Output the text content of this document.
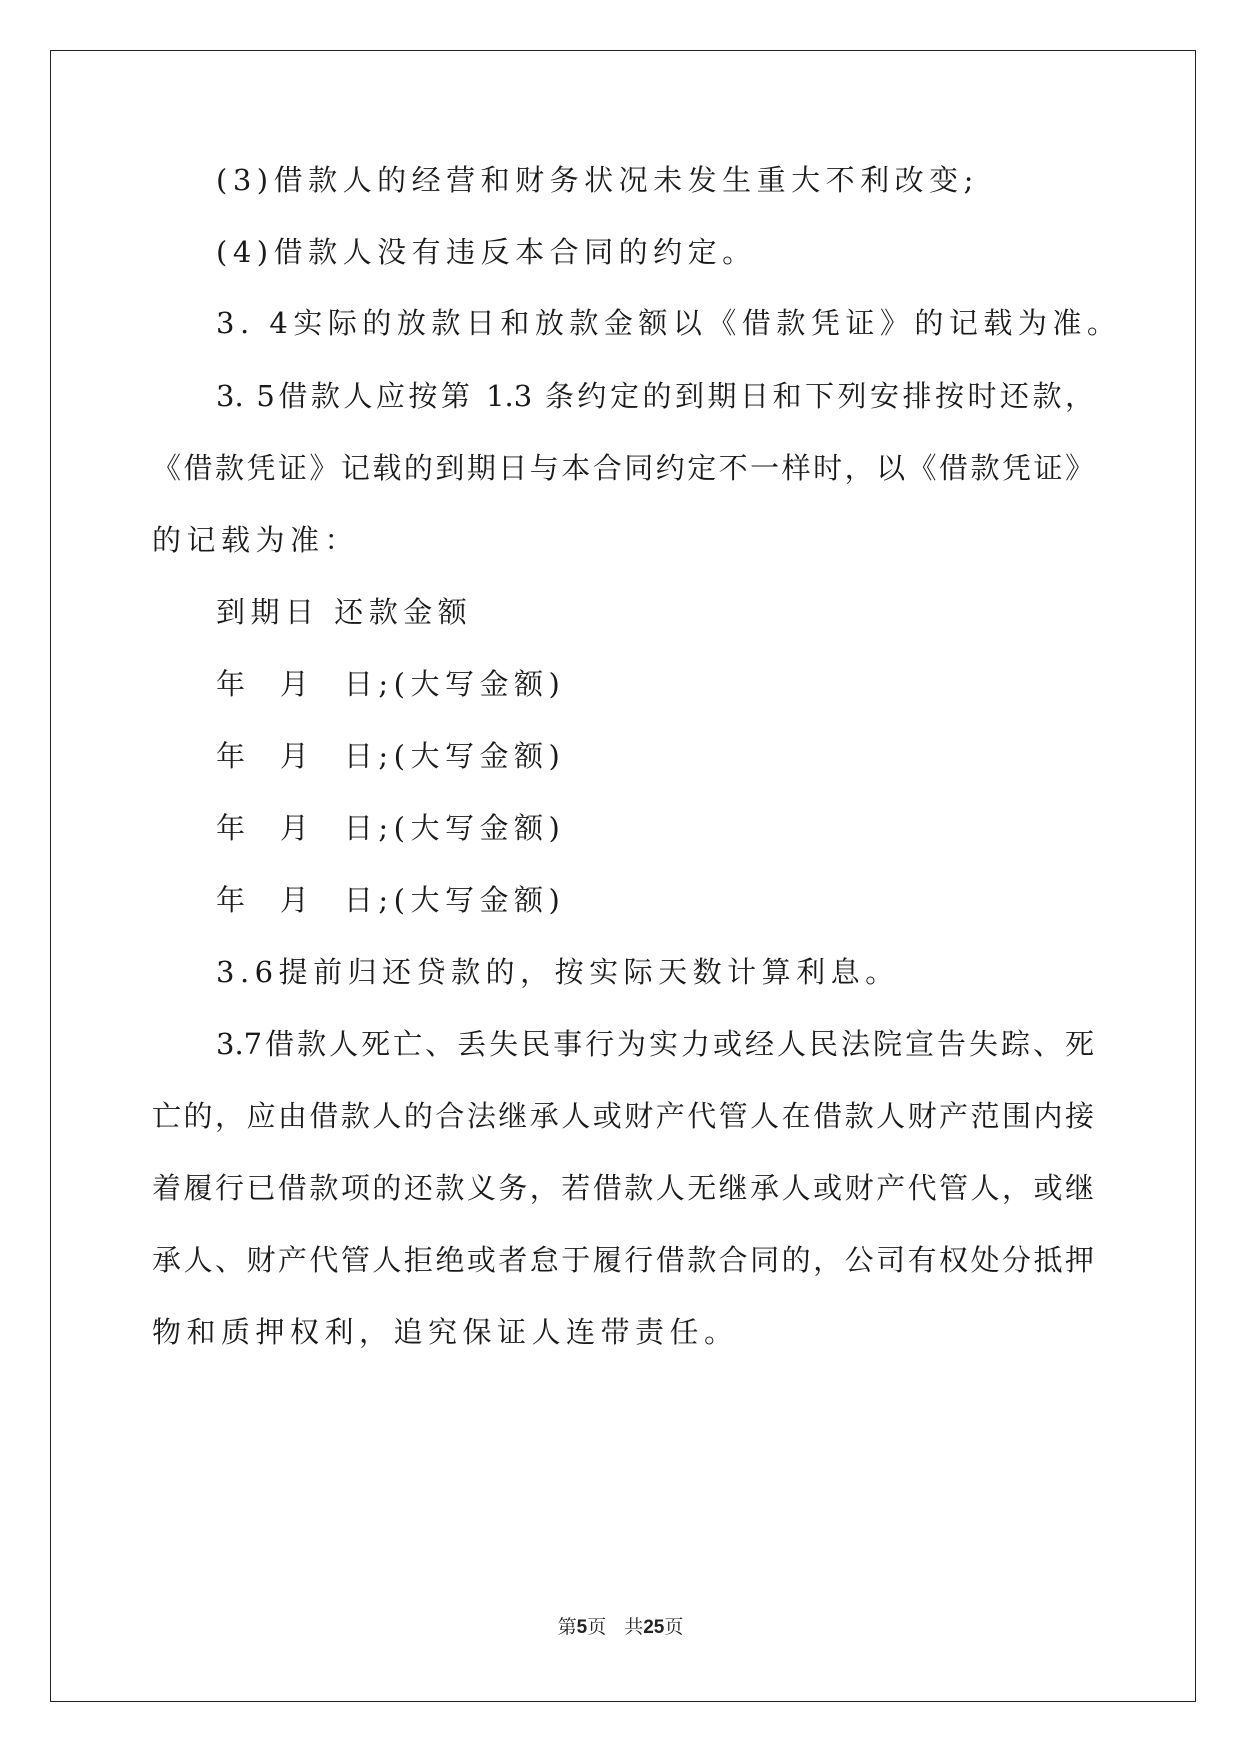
(3)借款人的经营和财务状况未发生重大不利改变;
(4)借款人没有违反本合同的约定。
3. 4实际的放款日和放款金额以《借款凭证》的记载为准。
3. 5借款人应按第 1.3 条约定的到期日和下列安排按时还款，
《借款凭证》记载的到期日与本合同约定不一样时，以《借款凭证》
的记载为准：
到期日 还款金额
年  月  日;(大写金额)
年  月  日;(大写金额)
年  月  日;(大写金额)
年  月  日;(大写金额)
3.6提前归还贷款的，按实际天数计算利息。
3.7借款人死亡、丢失民事行为实力或经人民法院宣告失踪、死
亡的，应由借款人的合法继承人或财产代管人在借款人财产范围内接
着履行已借款项的还款义务，若借款人无继承人或财产代管人，或继
承人、财产代管人拒绝或者怠于履行借款合同的，公司有权处分抵押
物和质押权利，追究保证人连带责任。
第5页 共25页
